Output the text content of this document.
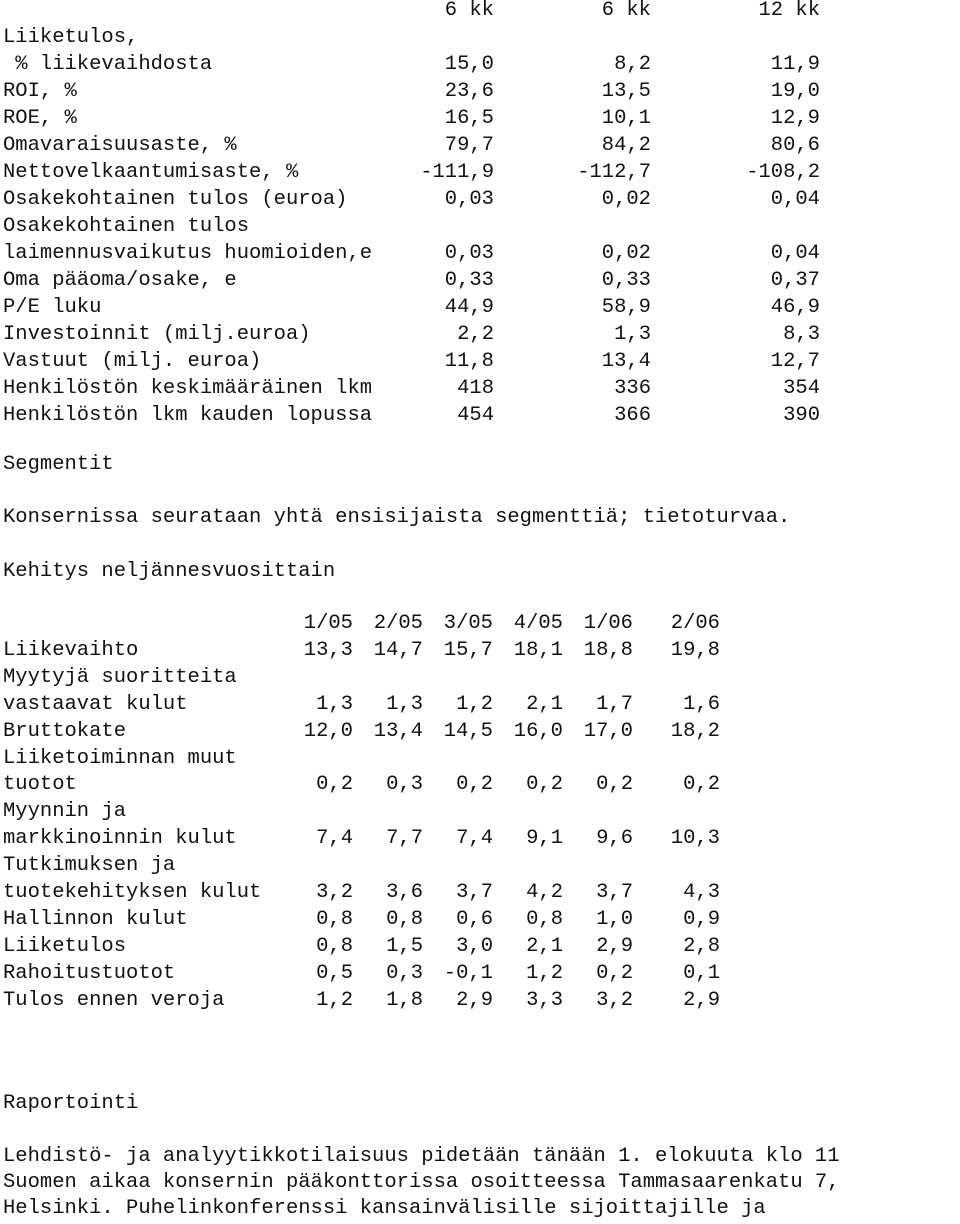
6 kk	6 kk	12 kk
Liiketulos,
% liikevaihdosta	15,0	8,2	11,9
ROI, %	23,6	13,5	19,0
ROE, %	16,5	10,1	12,9
Omavaraisuusaste, %	79,7	84,2	80,6
Nettovelkaantumisaste, %	-111,9	-112,7	-108,2
Osakekohtainen tulos (euroa)	0,03	0,02	0,04
Osakekohtainen tulos
laimennusvaikutus huomioiden,e	0,03	0,02	0,04
Oma pääoma/osake, e	0,33	0,33	0,37
P/E luku	44,9	58,9	46,9
Investoinnit (milj.euroa)	2,2	1,3	8,3
Vastuut (milj. euroa)	11,8	13,4	12,7
Henkilöstön keskimääräinen lkm	418	336	354
Henkilöstön lkm kauden lopussa	454	366	390
Segmentit
Konsernissa seurataan yhtä ensisijaista segmenttiä; tietoturvaa.
Kehitys neljännesvuosittain
1/05 2/05 3/05 4/05 1/06 2/06
Liikevaihto	13,3 14,7 15,7 18,1 18,8 19,8
Myytyjä suoritteita
vastaavat kulut	1,3 1,3 1,2 2,1 1,7 1,6
Bruttokate	12,0 13,4 14,5 16,0 17,0 18,2
Liiketoiminnan muut
tuotot	0,2 0,3 0,2 0,2 0,2 0,2
Myynnin ja
markkinoinnin kulut	7,4 7,7 7,4 9,1 9,6 10,3
Tutkimuksen ja
tuotekehityksen kulut	3,2 3,6 3,7 4,2 3,7 4,3
Hallinnon kulut	0,8 0,8 0,6 0,8 1,0 0,9
Liiketulos	0,8 1,5 3,0 2,1 2,9 2,8
Rahoitustuotot	0,5 0,3 -0,1 1,2 0,2 0,1
Tulos ennen veroja	1,2 1,8 2,9 3,3 3,2 2,9
Raportointi
Lehdistö- ja analyytikkotilaisuus pidetään tänään 1. elokuuta klo 11
Suomen aikaa konsernin pääkonttorissa osoitteessa Tammasaarenkatu 7,
Helsinki. Puhelinkonferenssi kansainvälisille sijoittajille ja
